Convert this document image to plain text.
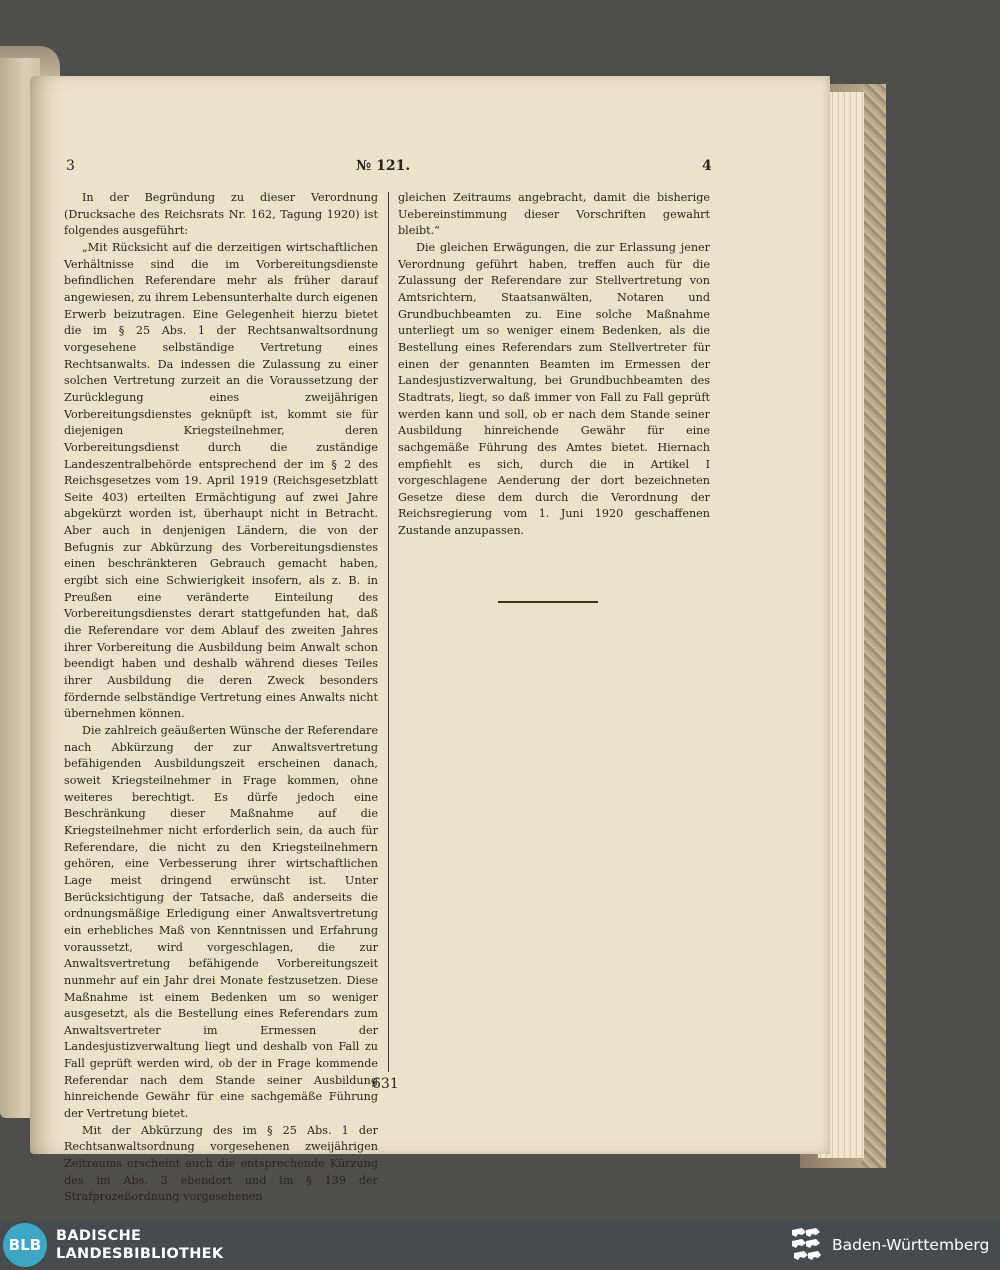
3	№ 121.	4

In der Begründung zu dieser Verordnung (Drucksache des Reichsrats Nr. 162, Tagung 1920) ist folgendes ausgeführt:

„Mit Rücksicht auf die derzeitigen wirtschaftlichen Verhältnisse sind die im Vorbereitungsdienste befindlichen Referendare mehr als früher darauf angewiesen, zu ihrem Lebensunterhalte durch eigenen Erwerb beizutragen. Eine Gelegenheit hierzu bietet die im § 25 Abs. 1 der Rechtsanwaltsordnung vorgesehene selbständige Vertretung eines Rechtsanwalts. Da indessen die Zulassung zu einer solchen Vertretung zurzeit an die Voraussetzung der Zurücklegung eines zweijährigen Vorbereitungsdienstes geknüpft ist, kommt sie für diejenigen Kriegsteilnehmer, deren Vorbereitungsdienst durch die zuständige Landeszentralbehörde entsprechend der im § 2 des Reichsgesetzes vom 19. April 1919 (Reichsgesetzblatt Seite 403) erteilten Ermächtigung auf zwei Jahre abgekürzt worden ist, überhaupt nicht in Betracht. Aber auch in denjenigen Ländern, die von der Befugnis zur Abkürzung des Vorbereitungsdienstes einen beschränkteren Gebrauch gemacht haben, ergibt sich eine Schwierigkeit insofern, als z. B. in Preußen eine veränderte Einteilung des Vorbereitungsdienstes derart stattgefunden hat, daß die Referendare vor dem Ablauf des zweiten Jahres ihrer Vorbereitung die Ausbildung beim Anwalt schon beendigt haben und deshalb während dieses Teiles ihrer Ausbildung die deren Zweck besonders fördernde selbständige Vertretung eines Anwalts nicht übernehmen können.

Die zahlreich geäußerten Wünsche der Referendare nach Abkürzung der zur Anwaltsvertretung befähigenden Ausbildungszeit erscheinen danach, soweit Kriegsteilnehmer in Frage kommen, ohne weiteres berechtigt. Es dürfe jedoch eine Beschränkung dieser Maßnahme auf die Kriegsteilnehmer nicht erforderlich sein, da auch für Referendare, die nicht zu den Kriegsteilnehmern gehören, eine Verbesserung ihrer wirtschaftlichen Lage meist dringend erwünscht ist. Unter Berücksichtigung der Tatsache, daß anderseits die ordnungsmäßige Erledigung einer Anwaltsvertretung ein erhebliches Maß von Kenntnissen und Erfahrung voraussetzt, wird vorgeschlagen, die zur Anwaltsvertretung befähigende Vorbereitungszeit nunmehr auf ein Jahr drei Monate festzusetzen. Diese Maßnahme ist einem Bedenken um so weniger ausgesetzt, als die Bestellung eines Referendars zum Anwaltsvertreter im Ermessen der Landesjustizverwaltung liegt und deshalb von Fall zu Fall geprüft werden wird, ob der in Frage kommende Referendar nach dem Stande seiner Ausbildung hinreichende Gewähr für eine sachgemäße Führung der Vertretung bietet.

Mit der Abkürzung des im § 25 Abs. 1 der Rechtsanwaltsordnung vorgesehenen zweijährigen Zeitraums erscheint auch die entsprechende Kürzung des im Abs. 3 ebendort und im § 139 der Strafprozeßordnung vorgesehenen

gleichen Zeitraums angebracht, damit die bisherige Uebereinstimmung dieser Vorschriften gewahrt bleibt.“

Die gleichen Erwägungen, die zur Erlassung jener Verordnung geführt haben, treffen auch für die Zulassung der Referendare zur Stellvertretung von Amtsrichtern, Staatsanwälten, Notaren und Grundbuchbeamten zu. Eine solche Maßnahme unterliegt um so weniger einem Bedenken, als die Bestellung eines Referendars zum Stellvertreter für einen der genannten Beamten im Ermessen der Landesjustizverwaltung, bei Grundbuchbeamten des Stadtrats, liegt, so daß immer von Fall zu Fall geprüft werden kann und soll, ob er nach dem Stande seiner Ausbildung hinreichende Gewähr für eine sachgemäße Führung des Amtes bietet. Hiernach empfiehlt es sich, durch die in Artikel I vorgeschlagene Aenderung der dort bezeichneten Gesetze diese dem durch die Verordnung der Reichsregierung vom 1. Juni 1920 geschaffenen Zustande anzupassen.

631
BLB	BADISCHE
LANDESBIBLIOTHEK	Baden-Württemberg
